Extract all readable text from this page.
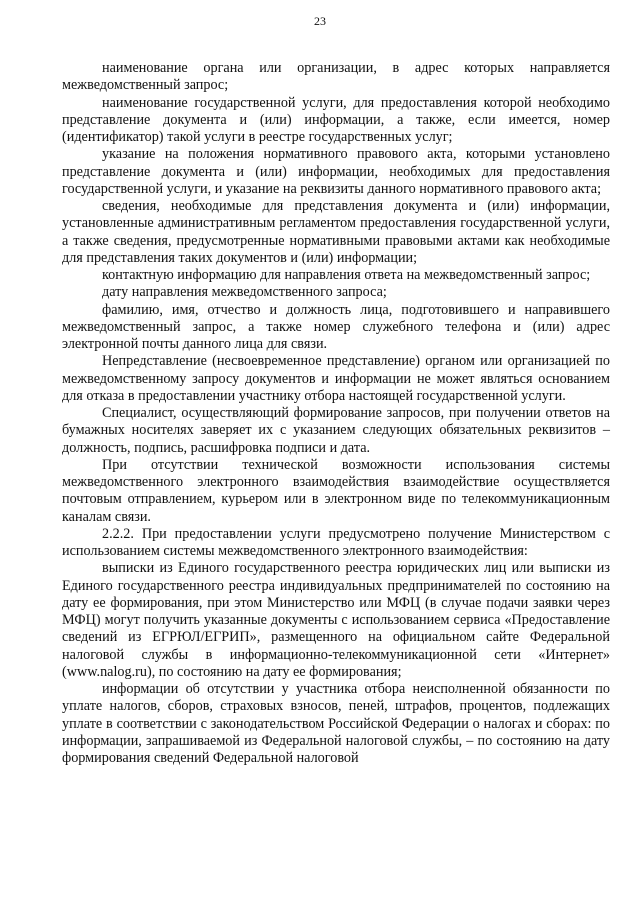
23

наименование органа или организации, в адрес которых направляется межведомственный запрос;

наименование государственной услуги, для предоставления которой необходимо представление документа и (или) информации, а также, если имеется, номер (идентификатор) такой услуги в реестре государственных услуг;

указание на положения нормативного правового акта, которыми установлено представление документа и (или) информации, необходимых для предоставления государственной услуги, и указание на реквизиты данного нормативного правового акта;

сведения, необходимые для представления документа и (или) информации, установленные административным регламентом предоставления государственной услуги, а также сведения, предусмотренные нормативными правовыми актами как необходимые для представления таких документов и (или) информации;

контактную информацию для направления ответа на межведомственный запрос;

дату направления межведомственного запроса;

фамилию, имя, отчество и должность лица, подготовившего и направившего межведомственный запрос, а также номер служебного телефона и (или) адрес электронной почты данного лица для связи.

Непредставление (несвоевременное представление) органом или организацией по межведомственному запросу документов и информации не может являться основанием для отказа в предоставлении участнику отбора настоящей государственной услуги.

Специалист, осуществляющий формирование запросов, при получении ответов на бумажных носителях заверяет их с указанием следующих обязательных реквизитов – должность, подпись, расшифровка подписи и дата.

При отсутствии технической возможности использования системы межведомственного электронного взаимодействия взаимодействие осуществляется почтовым отправлением, курьером или в электронном виде по телекоммуникационным каналам связи.

2.2.2. При предоставлении услуги предусмотрено получение Министерством с использованием системы межведомственного электронного взаимодействия:

выписки из Единого государственного реестра юридических лиц или выписки из Единого государственного реестра индивидуальных предпринимателей по состоянию на дату ее формирования, при этом Министерство или МФЦ (в случае подачи заявки через МФЦ) могут получить указанные документы с использованием сервиса «Предоставление сведений из ЕГРЮЛ/ЕГРИП», размещенного на официальном сайте Федеральной налоговой службы в информационно-телекоммуникационной сети «Интернет» (www.nalog.ru), по состоянию на дату ее формирования;

информации об отсутствии у участника отбора неисполненной обязанности по уплате налогов, сборов, страховых взносов, пеней, штрафов, процентов, подлежащих уплате в соответствии с законодательством Российской Федерации о налогах и сборах: по информации, запрашиваемой из Федеральной налоговой службы, – по состоянию на дату формирования сведений Федеральной налоговой
